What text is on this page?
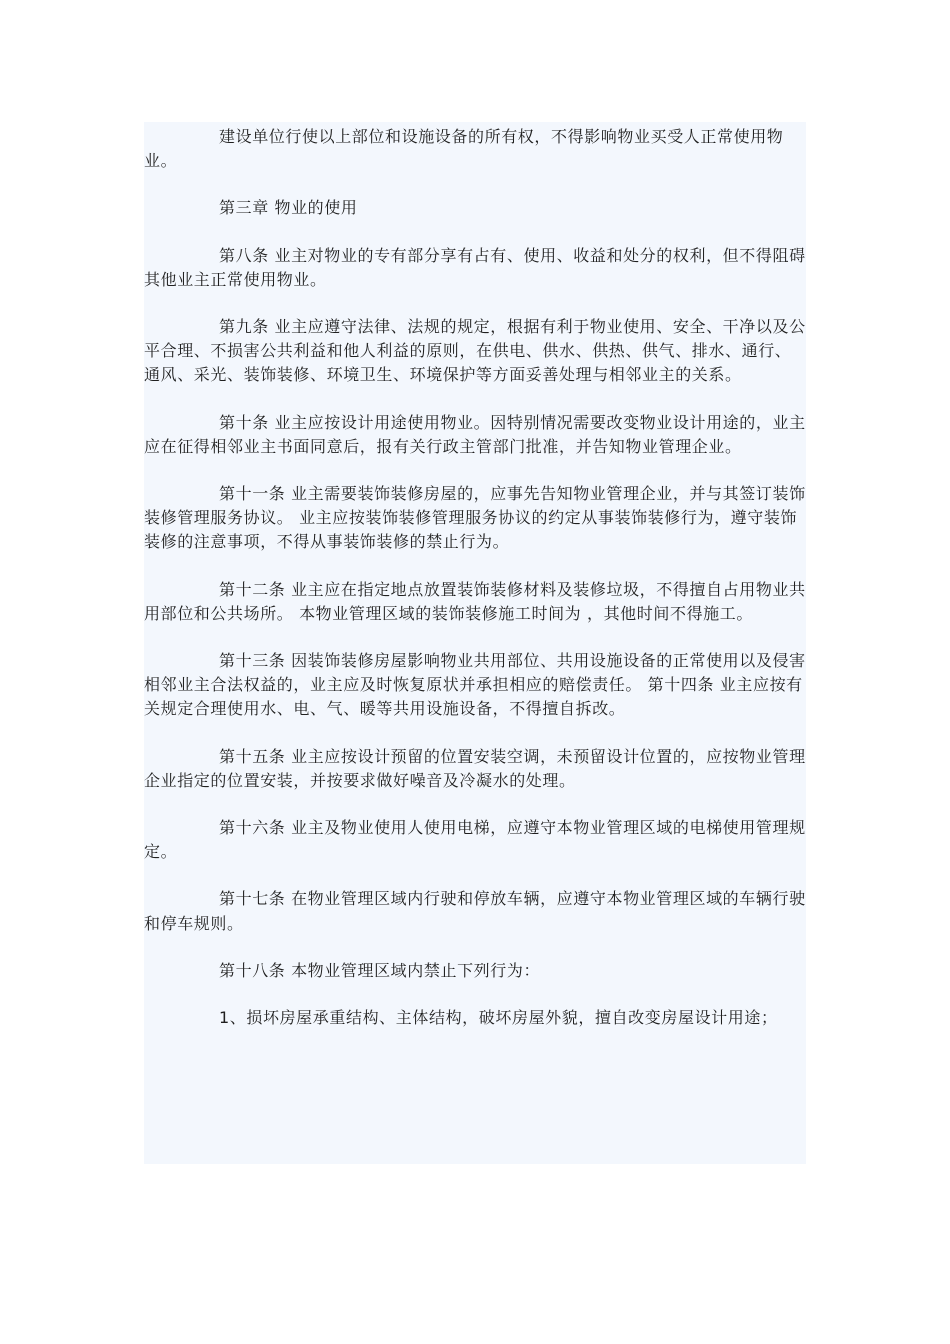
建设单位行使以上部位和设施设备的所有权，不得影响物业买受人正常使用物业。

第三章 物业的使用

第八条 业主对物业的专有部分享有占有、使用、收益和处分的权利，但不得阻碍其他业主正常使用物业。

第九条 业主应遵守法律、法规的规定，根据有利于物业使用、安全、干净以及公平合理、不损害公共利益和他人利益的原则，在供电、供水、供热、供气、排水、通行、通风、采光、装饰装修、环境卫生、环境保护等方面妥善处理与相邻业主的关系。

第十条 业主应按设计用途使用物业。因特别情况需要改变物业设计用途的，业主应在征得相邻业主书面同意后，报有关行政主管部门批准，并告知物业管理企业。

第十一条 业主需要装饰装修房屋的，应事先告知物业管理企业，并与其签订装饰装修管理服务协议。 业主应按装饰装修管理服务协议的约定从事装饰装修行为，遵守装饰装修的注意事项，不得从事装饰装修的禁止行为。

第十二条 业主应在指定地点放置装饰装修材料及装修垃圾，不得擅自占用物业共用部位和公共场所。 本物业管理区域的装饰装修施工时间为 ，其他时间不得施工。

第十三条 因装饰装修房屋影响物业共用部位、共用设施设备的正常使用以及侵害相邻业主合法权益的，业主应及时恢复原状并承担相应的赔偿责任。 第十四条 业主应按有关规定合理使用水、电、气、暖等共用设施设备，不得擅自拆改。

第十五条 业主应按设计预留的位置安装空调，未预留设计位置的，应按物业管理企业指定的位置安装，并按要求做好噪音及冷凝水的处理。

第十六条 业主及物业使用人使用电梯，应遵守本物业管理区域的电梯使用管理规定。

第十七条 在物业管理区域内行驶和停放车辆，应遵守本物业管理区域的车辆行驶和停车规则。

第十八条 本物业管理区域内禁止下列行为：

1、损坏房屋承重结构、主体结构，破坏房屋外貌，擅自改变房屋设计用途；
